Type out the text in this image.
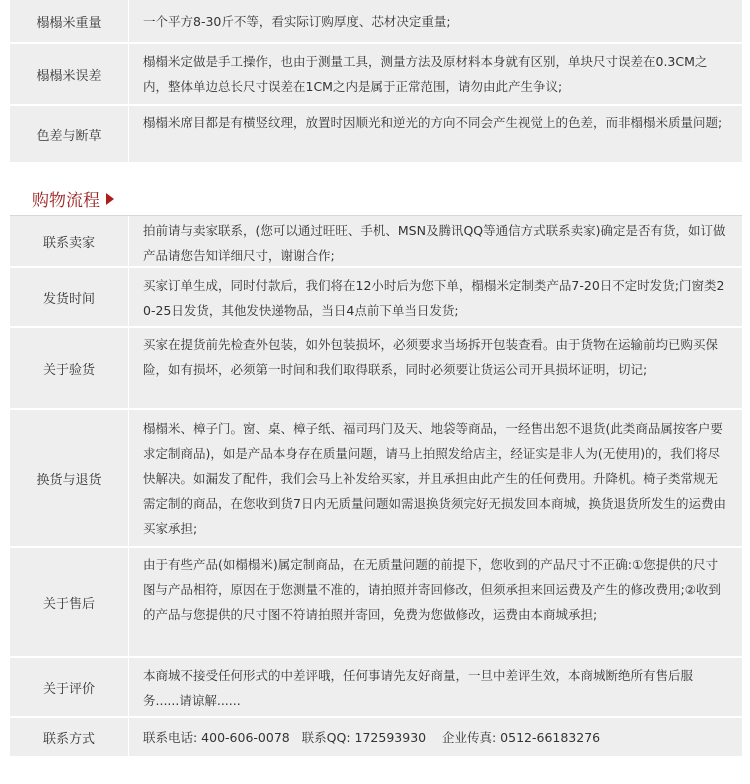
榻榻米重量	一个平方8-30斤不等，看实际订购厚度、芯材决定重量;
榻榻米误差
榻榻米定做是手工操作，也由于测量工具，测量方法及原材料本身就有区别，单块尺寸误差在0.3CM之内，整体单边总长尺寸误差在1CM之内是属于正常范围，请勿由此产生争议;
色差与断草
榻榻米席目都是有横竖纹理，放置时因顺光和逆光的方向不同会产生视觉上的色差，而非榻榻米质量问题;
购物流程
联系卖家
拍前请与卖家联系，(您可以通过旺旺、手机、MSN及腾讯QQ等通信方式联系卖家)确定是否有货，如订做产品请您告知详细尺寸，谢谢合作;
发货时间
买家订单生成，同时付款后，我们将在12小时后为您下单，榻榻米定制类产品7-20日不定时发货;门窗类20-25日发货，其他发快递物品，当日4点前下单当日发货;
关于验货
买家在提货前先检查外包装，如外包装损坏，必须要求当场拆开包装查看。由于货物在运输前均已购买保险，如有损坏，必须第一时间和我们取得联系，同时必须要让货运公司开具损坏证明，切记;
换货与退货
榻榻米、樟子门。窗、桌、樟子纸、福司玛门及天、地袋等商品，一经售出恕不退货(此类商品属按客户要求定制商品)，如是产品本身存在质量问题，请马上拍照发给店主，经证实是非人为(无使用)的，我们将尽快解决。如漏发了配件，我们会马上补发给买家，并且承担由此产生的任何费用。升降机。椅子类常规无需定制的商品，在您收到货7日内无质量问题如需退换货须完好无损发回本商城，换货退货所发生的运费由买家承担;
关于售后
由于有些产品(如榻榻米)属定制商品，在无质量问题的前提下，您收到的产品尺寸不正确:①您提供的尺寸图与产品相符，原因在于您测量不准的，请拍照并寄回修改，但须承担来回运费及产生的修改费用;②收到的产品与您提供的尺寸图不符请拍照并寄回，免费为您做修改，运费由本商城承担;
关于评价
本商城不接受任何形式的中差评哦，任何事请先友好商量，一旦中差评生效，本商城断绝所有售后服务......请谅解......
联系方式	联系电话: 400-606-0078   联系QQ: 172593930    企业传真: 0512-66183276
